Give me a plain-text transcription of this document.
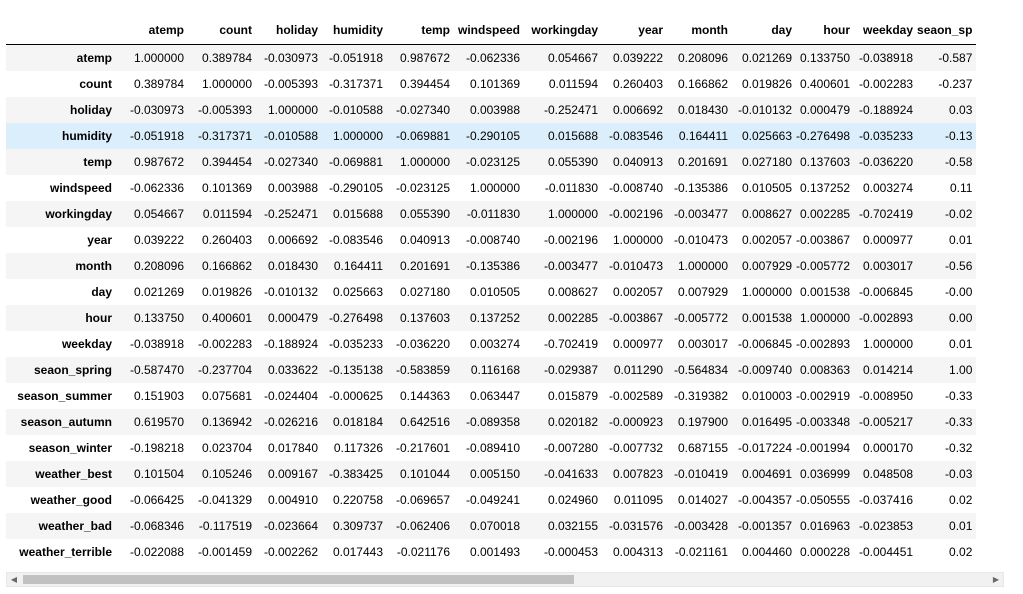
	atemp	count	holiday	humidity	temp	windspeed	workingday	year	month	day	hour	weekday	seaon_sp
atemp	1.000000	0.389784	-0.030973	-0.051918	0.987672	-0.062336	0.054667	0.039222	0.208096	0.021269	0.133750	-0.038918	-0.587
count	0.389784	1.000000	-0.005393	-0.317371	0.394454	0.101369	0.011594	0.260403	0.166862	0.019826	0.400601	-0.002283	-0.237
holiday	-0.030973	-0.005393	1.000000	-0.010588	-0.027340	0.003988	-0.252471	0.006692	0.018430	-0.010132	0.000479	-0.188924	0.03
humidity	-0.051918	-0.317371	-0.010588	1.000000	-0.069881	-0.290105	0.015688	-0.083546	0.164411	0.025663	-0.276498	-0.035233	-0.13
temp	0.987672	0.394454	-0.027340	-0.069881	1.000000	-0.023125	0.055390	0.040913	0.201691	0.027180	0.137603	-0.036220	-0.58
windspeed	-0.062336	0.101369	0.003988	-0.290105	-0.023125	1.000000	-0.011830	-0.008740	-0.135386	0.010505	0.137252	0.003274	0.11
workingday	0.054667	0.011594	-0.252471	0.015688	0.055390	-0.011830	1.000000	-0.002196	-0.003477	0.008627	0.002285	-0.702419	-0.02
year	0.039222	0.260403	0.006692	-0.083546	0.040913	-0.008740	-0.002196	1.000000	-0.010473	0.002057	-0.003867	0.000977	0.01
month	0.208096	0.166862	0.018430	0.164411	0.201691	-0.135386	-0.003477	-0.010473	1.000000	0.007929	-0.005772	0.003017	-0.56
day	0.021269	0.019826	-0.010132	0.025663	0.027180	0.010505	0.008627	0.002057	0.007929	1.000000	0.001538	-0.006845	-0.00
hour	0.133750	0.400601	0.000479	-0.276498	0.137603	0.137252	0.002285	-0.003867	-0.005772	0.001538	1.000000	-0.002893	0.00
weekday	-0.038918	-0.002283	-0.188924	-0.035233	-0.036220	0.003274	-0.702419	0.000977	0.003017	-0.006845	-0.002893	1.000000	0.01
seaon_spring	-0.587470	-0.237704	0.033622	-0.135138	-0.583859	0.116168	-0.029387	0.011290	-0.564834	-0.009740	0.008363	0.014214	1.00
season_summer	0.151903	0.075681	-0.024404	-0.000625	0.144363	0.063447	0.015879	-0.002589	-0.319382	0.010003	-0.002919	-0.008950	-0.33
season_autumn	0.619570	0.136942	-0.026216	0.018184	0.642516	-0.089358	0.020182	-0.000923	0.197900	0.016495	-0.003348	-0.005217	-0.33
season_winter	-0.198218	0.023704	0.017840	0.117326	-0.217601	-0.089410	-0.007280	-0.007732	0.687155	-0.017224	-0.001994	0.000170	-0.32
weather_best	0.101504	0.105246	0.009167	-0.383425	0.101044	0.005150	-0.041633	0.007823	-0.010419	0.004691	0.036999	0.048508	-0.03
weather_good	-0.066425	-0.041329	0.004910	0.220758	-0.069657	-0.049241	0.024960	0.011095	0.014027	-0.004357	-0.050555	-0.037416	0.02
weather_bad	-0.068346	-0.117519	-0.023664	0.309737	-0.062406	0.070018	0.032155	-0.031576	-0.003428	-0.001357	0.016963	-0.023853	0.01
weather_terrible	-0.022088	-0.001459	-0.002262	0.017443	-0.021176	0.001493	-0.000453	0.004313	-0.021161	0.004460	0.000228	-0.004451	0.02
◀	▶
